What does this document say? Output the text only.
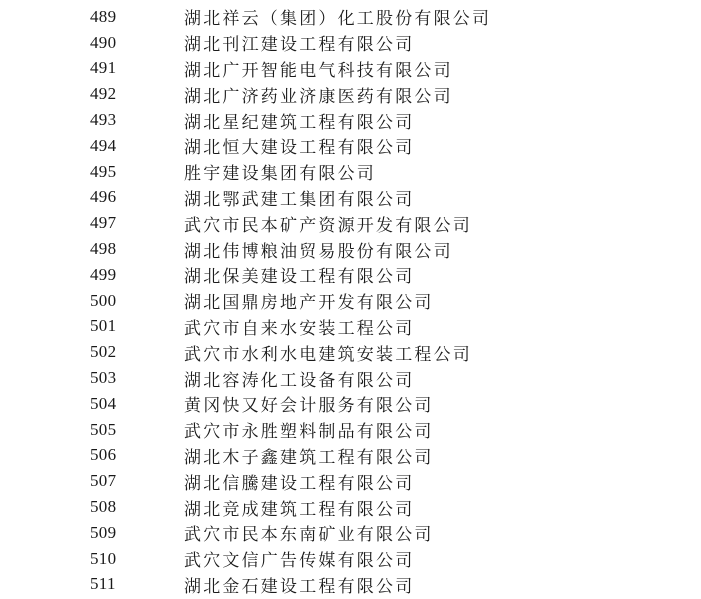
489	湖北祥云（集团）化工股份有限公司
490	湖北刊江建设工程有限公司
491	湖北广开智能电气科技有限公司
492	湖北广济药业济康医药有限公司
493	湖北星纪建筑工程有限公司
494	湖北恒大建设工程有限公司
495	胜宇建设集团有限公司
496	湖北鄂武建工集团有限公司
497	武穴市民本矿产资源开发有限公司
498	湖北伟博粮油贸易股份有限公司
499	湖北保美建设工程有限公司
500	湖北国鼎房地产开发有限公司
501	武穴市自来水安装工程公司
502	武穴市水利水电建筑安装工程公司
503	湖北容涛化工设备有限公司
504	黄冈快又好会计服务有限公司
505	武穴市永胜塑料制品有限公司
506	湖北木子鑫建筑工程有限公司
507	湖北信騰建设工程有限公司
508	湖北竞成建筑工程有限公司
509	武穴市民本东南矿业有限公司
510	武穴文信广告传媒有限公司
511	湖北金石建设工程有限公司
